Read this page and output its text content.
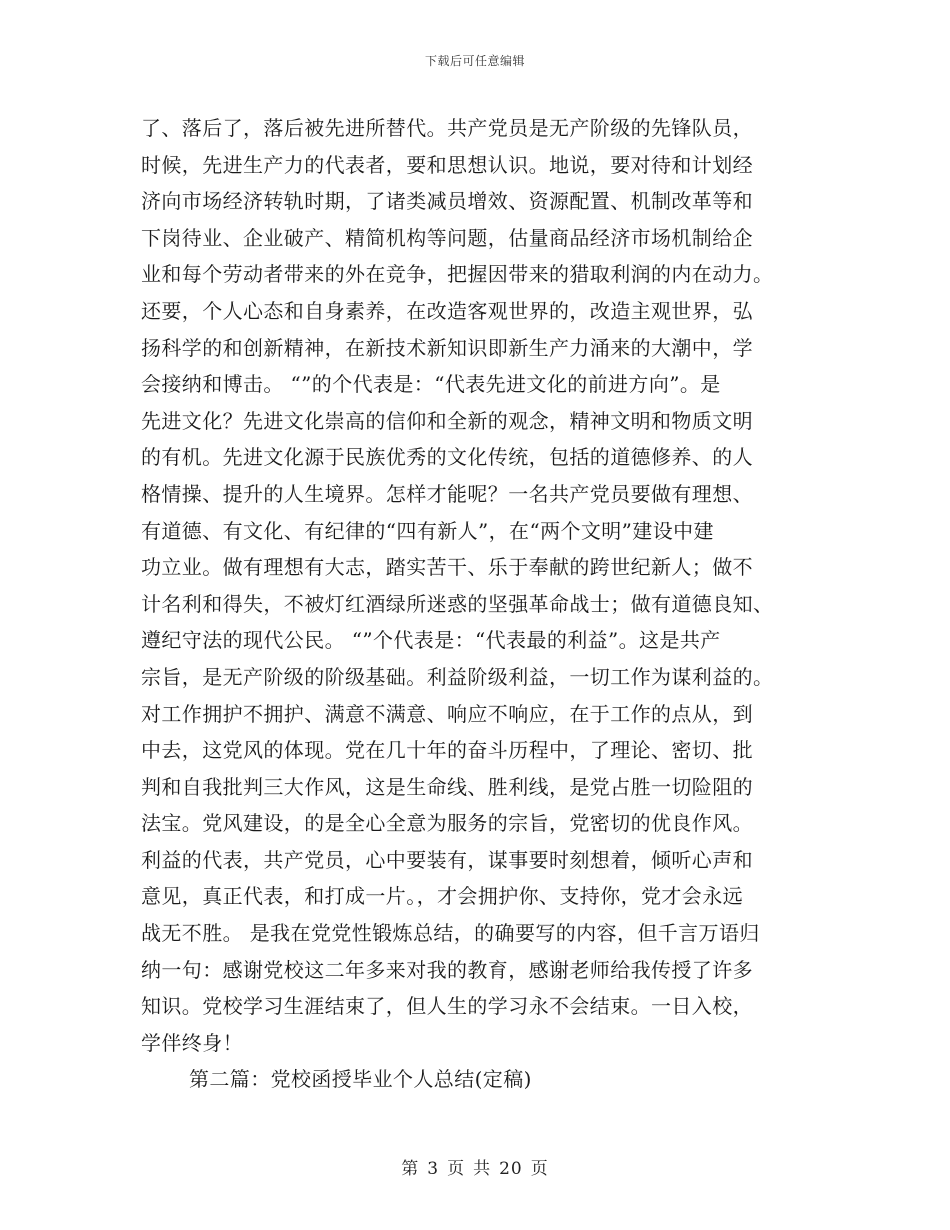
下载后可任意编辑
了、落后了，落后被先进所替代。共产党员是无产阶级的先锋队员，
时候，先进生产力的代表者，要和思想认识。地说，要对待和计划经
济向市场经济转轨时期，了诸类减员增效、资源配置、机制改革等和
下岗待业、企业破产、精简机构等问题，估量商品经济市场机制给企
业和每个劳动者带来的外在竞争，把握因带来的猎取利润的内在动力。
还要，个人心态和自身素养，在改造客观世界的，改造主观世界，弘
扬科学的和创新精神，在新技术新知识即新生产力涌来的大潮中，学
会接纳和博击。 “”的个代表是：“代表先进文化的前进方向”。是
先进文化？先进文化崇高的信仰和全新的观念，精神文明和物质文明
的有机。先进文化源于民族优秀的文化传统，包括的道德修养、的人
格情操、提升的人生境界。怎样才能呢？一名共产党员要做有理想、
有道德、有文化、有纪律的“四有新人”，在“两个文明”建设中建
功立业。做有理想有大志，踏实苦干、乐于奉献的跨世纪新人；做不
计名利和得失，不被灯红酒绿所迷惑的坚强革命战士；做有道德良知、
遵纪守法的现代公民。 “”个代表是：“代表最的利益”。这是共产
宗旨，是无产阶级的阶级基础。利益阶级利益，一切工作为谋利益的。
对工作拥护不拥护、满意不满意、响应不响应，在于工作的点从，到
中去，这党风的体现。党在几十年的奋斗历程中，了理论、密切、批
判和自我批判三大作风，这是生命线、胜利线，是党占胜一切险阻的
法宝。党风建设，的是全心全意为服务的宗旨，党密切的优良作风。
利益的代表，共产党员，心中要装有，谋事要时刻想着，倾听心声和
意见，真正代表，和打成一片。，才会拥护你、支持你，党才会永远
战无不胜。 是我在党党性锻炼总结，的确要写的内容，但千言万语归
纳一句：感谢党校这二年多来对我的教育，感谢老师给我传授了许多
知识。党校学习生涯结束了，但人生的学习永不会结束。一日入校，
学伴终身！
第二篇：党校函授毕业个人总结(定稿)
第 3 页 共 20 页
